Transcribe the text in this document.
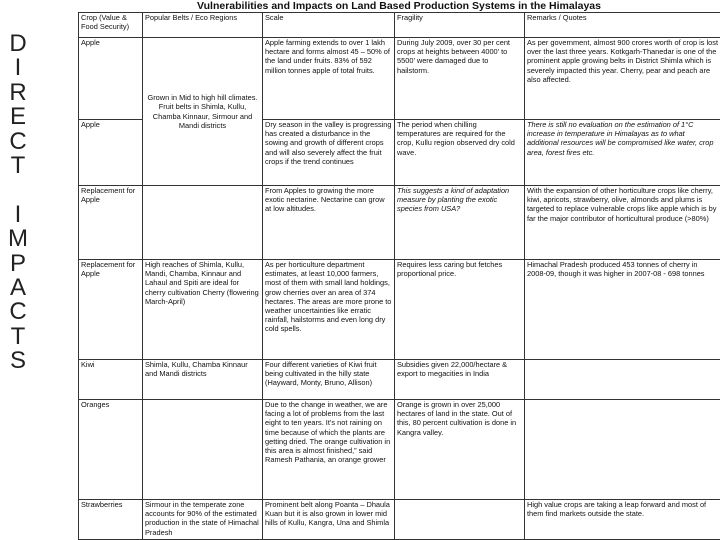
Vulnerabilities and Impacts on Land Based Production Systems in the Himalayas
D
I
R
E
C
T
I
M
P
A
C
T
S
Crop (Value & Food Security)	Popular Belts / Eco Regions	Scale	Fragility	Remarks / Quotes
Apple	Grown in Mid to high hill climates. Fruit belts in Shimla, Kullu, Chamba Kinnaur, Sirmour and Mandi districts	Apple farming extends to over 1 lakh hectare and forms almost 45 – 50% of the land under fruits. 83% of 592 million tonnes apple of total fruits.	During July 2009, over 30 per cent crops at heights between 4000’ to 5500’ were damaged due to hailstorm.	As per government, almost 900 crores worth of crop is lost over the last three years. Kotkgarh-Thanedar is one of the prominent apple growing belts in District Shimla which is severely impacted this year. Cherry, pear and peach are also affected.
Apple		Dry season in the valley is progressing has created a disturbance in the sowing and growth of different crops and will also severely affect the fruit crops if the trend continues	The period when chilling temperatures are required for the crop, Kullu region observed dry cold wave.	There is still no evaluation on the estimation of 1°C increase in temperature in Himalayas as to what additional resources will be compromised like water, crop area, forest fires etc.
Replacement for Apple		From Apples to growing the more exotic nectarine. Nectarine can grow at low altitudes.	This suggests a kind of adaptation measure by planting the exotic species from USA?	With the expansion of other horticulture crops like cherry, kiwi, apricots, strawberry, olive, almonds and plums is targeted to replace vulnerable crops like apple which is by far the major contributor of horticultural produce (>80%)
Replacement for Apple	High reaches of Shimla, Kullu, Mandi, Chamba, Kinnaur and Lahaul and Spiti are ideal for cherry cultivation Cherry (flowering March-April)	As per horticulture department estimates, at least 10,000 farmers, most of them with small land holdings, grow cherries over an area of 374 hectares. The areas are more prone to weather uncertainties like erratic rainfall, hailstorms and even long dry cold spells.	Requires less caring but fetches proportional price.	Himachal Pradesh produced 453 tonnes of cherry in 2008-09, though it was higher in 2007-08 - 698 tonnes
Kiwi	Shimla, Kullu, Chamba Kinnaur and Mandi districts	Four different varieties of Kiwi fruit being cultivated in the hilly state (Hayward, Monty, Bruno, Allison)	Subsidies given 22,000/hectare & export to megacities in India	
Oranges		Due to the change in weather, we are facing a lot of problems from the last eight to ten years. It’s not raining on time because of which the plants are getting dried. The orange cultivation in this area is almost finished,” said Ramesh Pathania, an orange grower	Orange is grown in over 25,000 hectares of land in the state. Out of this, 80 percent cultivation is done in Kangra valley.	
Strawberries	Sirmour in the temperate zone accounts for 90% of the estimated production in the state of Himachal Pradesh	Prominent belt along Poanta – Dhaula Kuan but it is also grown in lower mid hills of Kullu, Kangra, Una and Shimla		High value crops are taking a leap forward and most of them find markets outside the state.
